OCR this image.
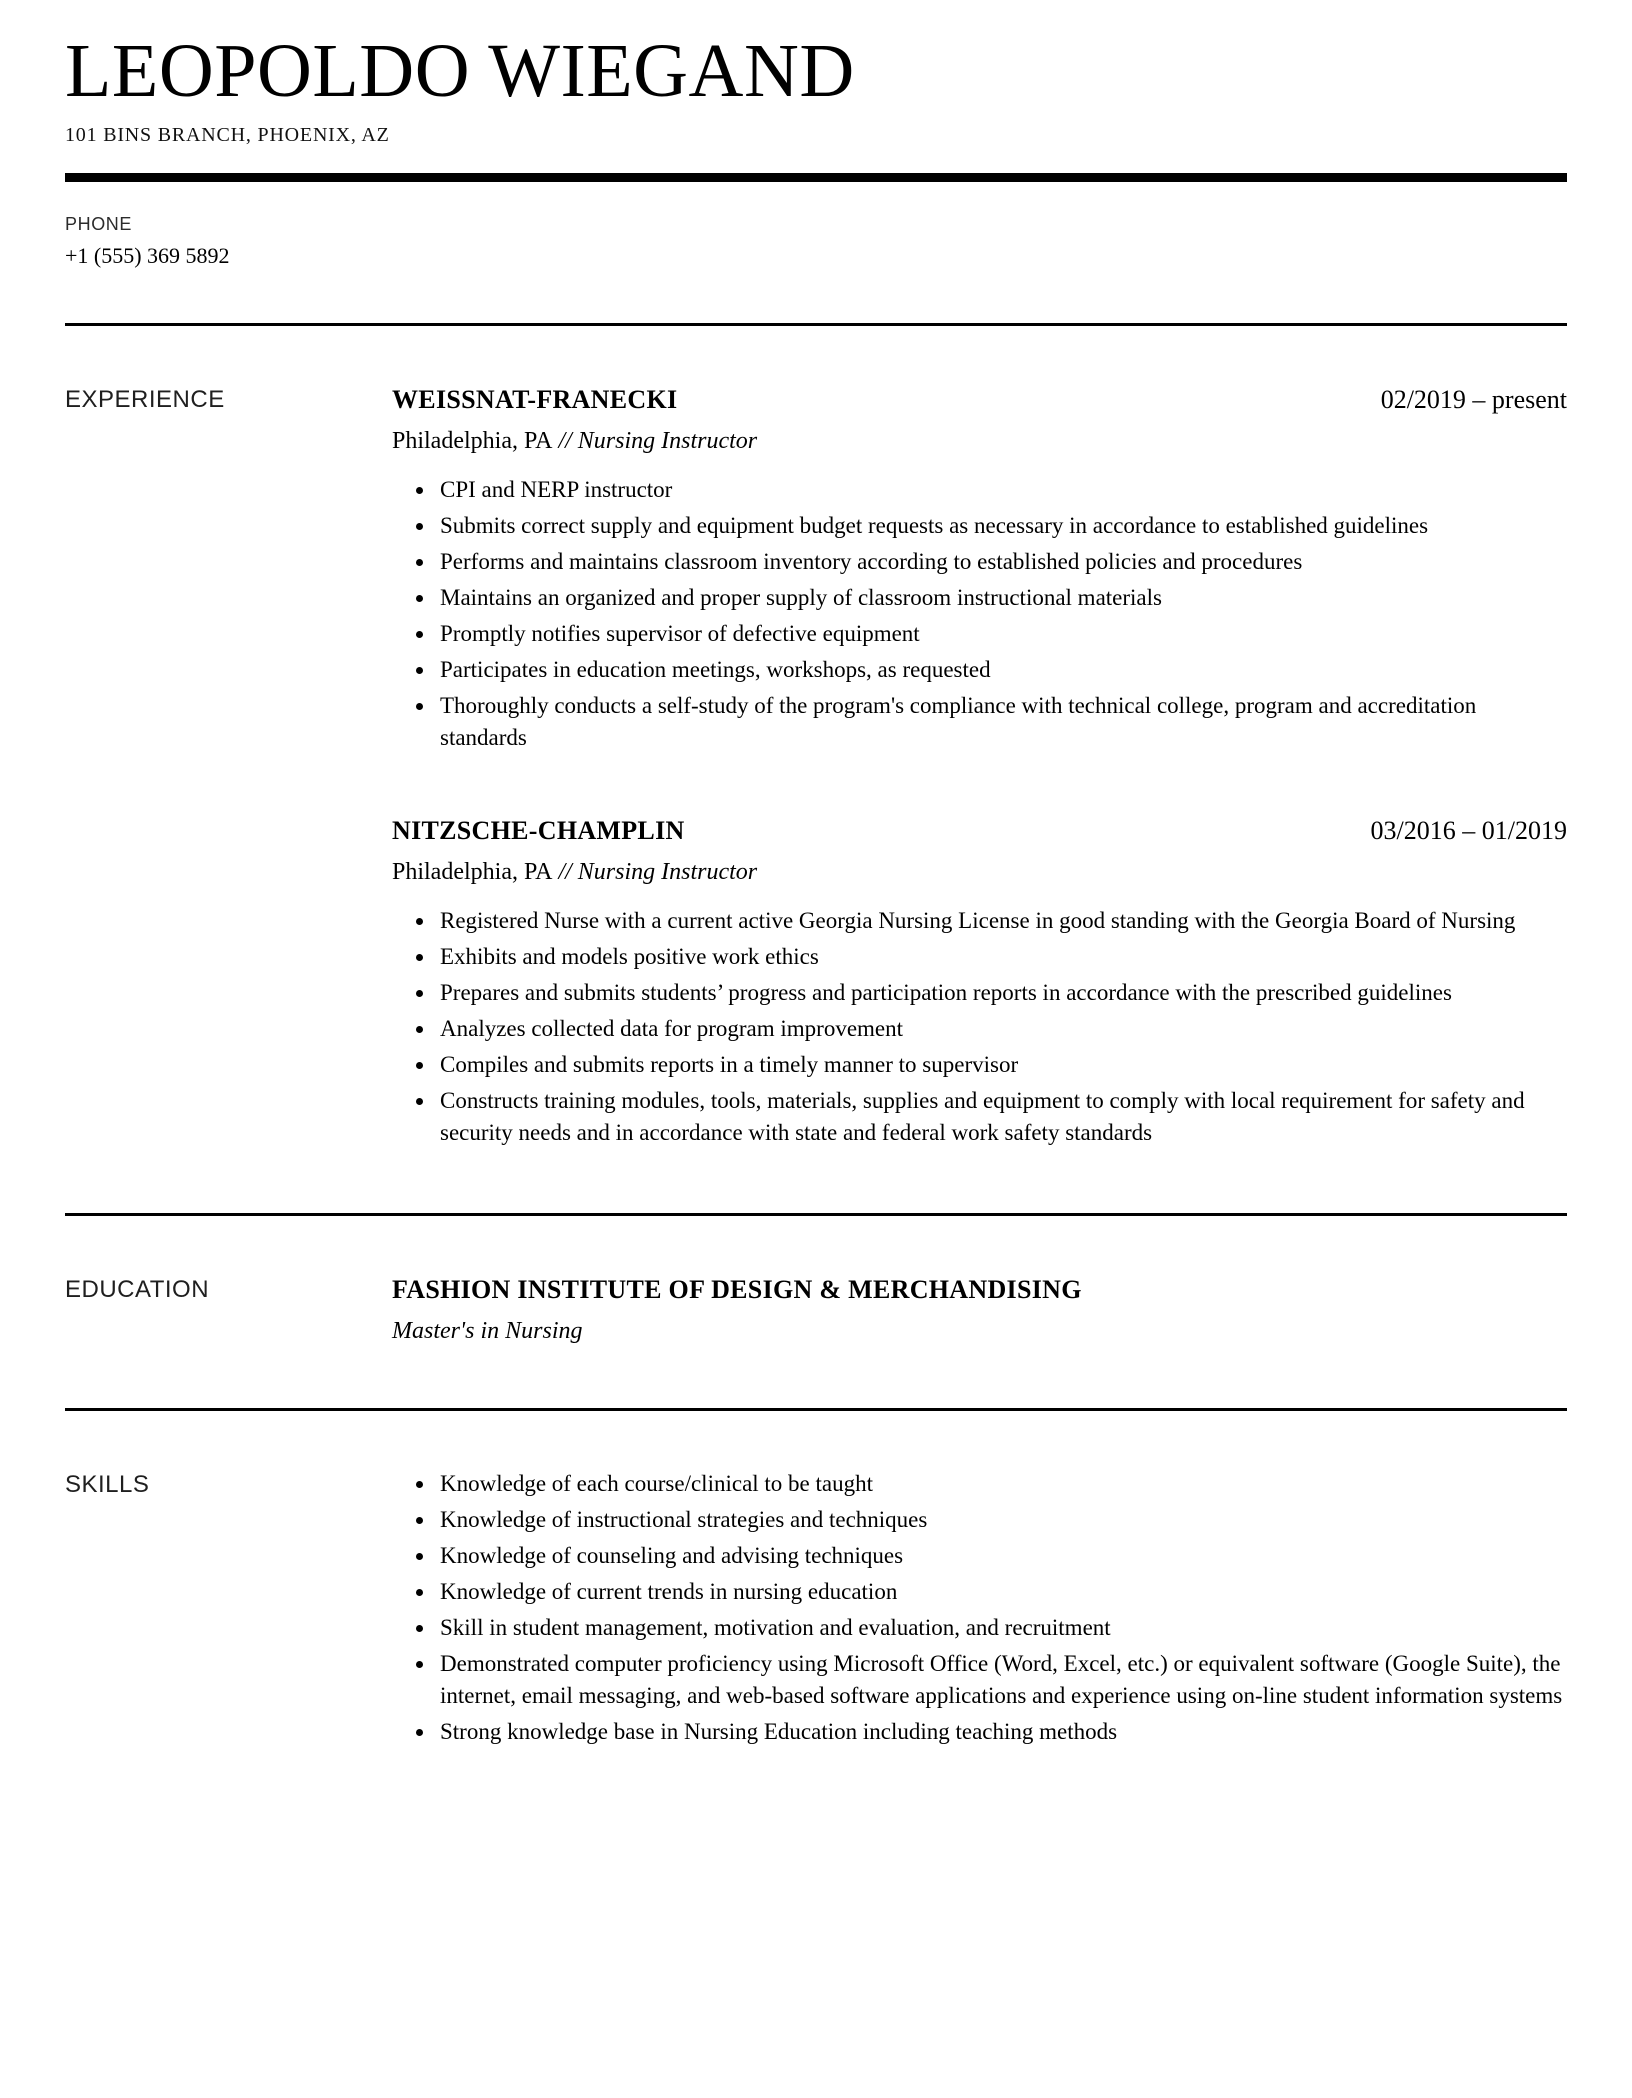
LEOPOLDO WIEGAND
101 BINS BRANCH, PHOENIX, AZ
PHONE
+1 (555) 369 5892
EXPERIENCE	WEISSNAT-FRANECKI	02/2019 – present
Philadelphia, PA // Nursing Instructor
• CPI and NERP instructor
• Submits correct supply and equipment budget requests as necessary in accordance to established guidelines
• Performs and maintains classroom inventory according to established policies and procedures
• Maintains an organized and proper supply of classroom instructional materials
• Promptly notifies supervisor of defective equipment
• Participates in education meetings, workshops, as requested
• Thoroughly conducts a self-study of the program's compliance with technical college, program and accreditation standards
NITZSCHE-CHAMPLIN	03/2016 – 01/2019
Philadelphia, PA // Nursing Instructor
• Registered Nurse with a current active Georgia Nursing License in good standing with the Georgia Board of Nursing
• Exhibits and models positive work ethics
• Prepares and submits students’ progress and participation reports in accordance with the prescribed guidelines
• Analyzes collected data for program improvement
• Compiles and submits reports in a timely manner to supervisor
• Constructs training modules, tools, materials, supplies and equipment to comply with local requirement for safety and security needs and in accordance with state and federal work safety standards
EDUCATION	FASHION INSTITUTE OF DESIGN & MERCHANDISING
Master's in Nursing
SKILLS	• Knowledge of each course/clinical to be taught
• Knowledge of instructional strategies and techniques
• Knowledge of counseling and advising techniques
• Knowledge of current trends in nursing education
• Skill in student management, motivation and evaluation, and recruitment
• Demonstrated computer proficiency using Microsoft Office (Word, Excel, etc.) or equivalent software (Google Suite), the internet, email messaging, and web-based software applications and experience using on-line student information systems
• Strong knowledge base in Nursing Education including teaching methods
